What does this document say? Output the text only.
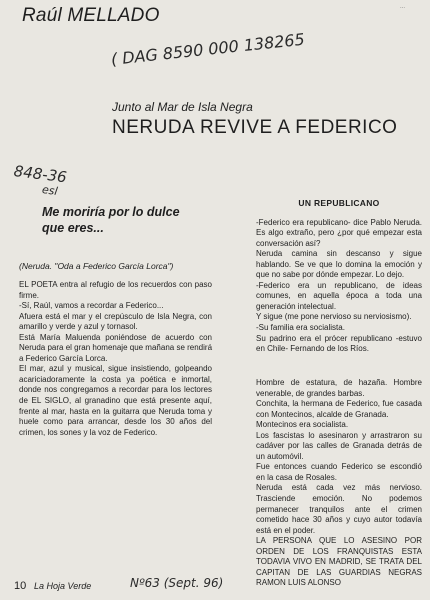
Raúl MELLADO	...
( DAG 8590 000 138265
848-36
esl
Junto al Mar de Isla Negra
NERUDA REVIVE A FEDERICO
Me moriría por lo dulce que eres...
(Neruda. "Oda a Federico García Lorca")

EL POETA entra al refugio de los recuerdos con paso firme.

-Sí, Raúl, vamos a recordar a Federico...

Afuera está el mar y el crepúsculo de Isla Negra, con amarillo y verde y azul y tornasol.

Está María Maluenda poniéndose de acuerdo con Neruda para el gran homenaje que mañana se rendirá a Federico García Lorca.

El mar, azul y musical, sigue insistiendo, golpeando acariciadoramente la costa ya poética e inmortal, donde nos congregamos a recordar para los lectores de EL SIGLO, al granadino que está presente aquí, frente al mar, hasta en la guitarra que Neruda toma y huele como para arrancar, desde los 30 años del crimen, los sones y la voz de Federico.

UN REPUBLICANO

-Federico era republicano- dice Pablo Neruda. Es algo extraño, pero ¿por qué empezar esta conversación así?

Neruda camina sin descanso y sigue hablando. Se ve que lo domina la emoción y que no sabe por dónde empezar. Lo dejo.

-Federico era un republicano, de ideas comunes, en aquella época a toda una generación intelectual.

Y sigue (me pone nervioso su nerviosismo).

-Su familia era socialista.

Su padrino era el prócer republicano -estuvo en Chile- Fernando de los Ríos.

Hombre de estatura, de hazaña. Hombre venerable, de grandes barbas.

Conchita, la hermana de Federico, fue casada con Montecinos, alcalde de Granada.

Montecinos era socialista.

Los fascistas lo asesinaron y arrastraron su cadáver por las calles de Granada detrás de un automóvil.

Fue entonces cuando Federico se escondió en la casa de Rosales.

Neruda está cada vez más nervioso. Trasciende emoción. No podemos permanecer tranquilos ante el crimen cometido hace 30 años y cuyo autor todavía está en el poder.

LA PERSONA QUE LO ASESINO POR ORDEN DE LOS FRANQUISTAS ESTA TODAVIA VIVO EN MADRID, SE TRATA DEL CAPITAN DE LAS GUARDIAS NEGRAS RAMON LUIS ALONSO

10 La Hoja Verde	Nº63 (Sept. 96)
